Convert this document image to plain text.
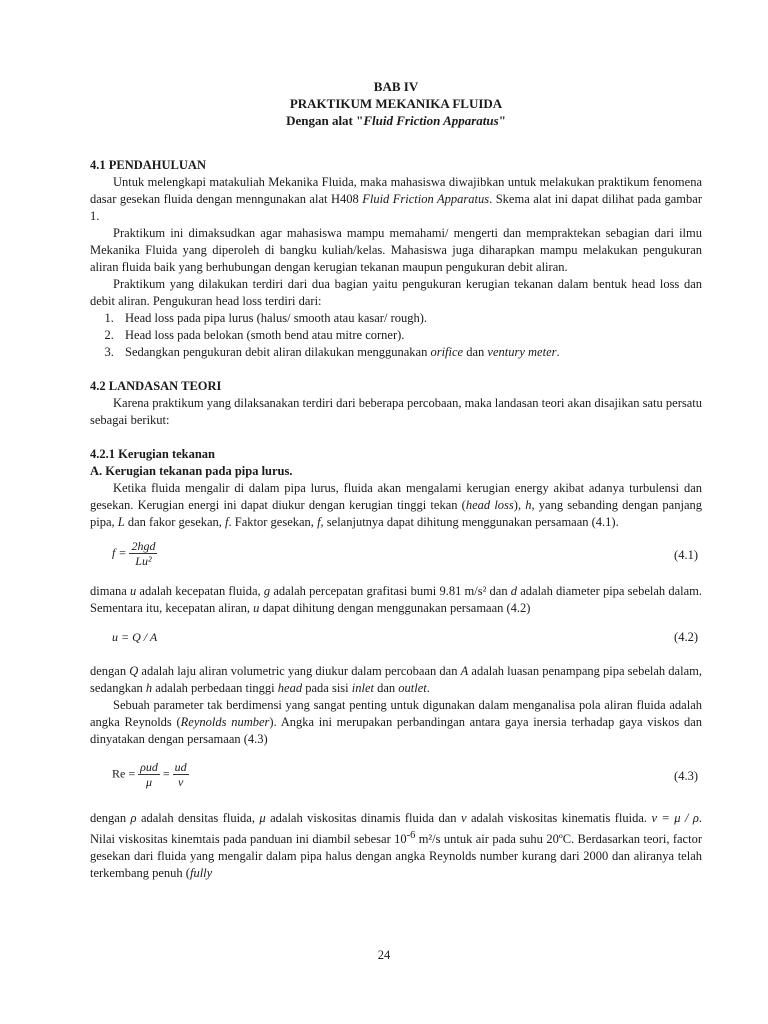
BAB IV
PRAKTIKUM MEKANIKA FLUIDA
Dengan alat "Fluid Friction Apparatus"

4.1 PENDAHULUAN

Untuk melengkapi matakuliah Mekanika Fluida, maka mahasiswa diwajibkan untuk melakukan praktikum fenomena dasar gesekan fluida dengan menngunakan alat H408 Fluid Friction Apparatus. Skema alat ini dapat dilihat pada gambar 1.

Praktikum ini dimaksudkan agar mahasiswa mampu memahami/ mengerti dan mempraktekan sebagian dari ilmu Mekanika Fluida yang diperoleh di bangku kuliah/kelas. Mahasiswa juga diharapkan mampu melakukan pengukuran aliran fluida baik yang berhubungan dengan kerugian tekanan maupun pengukuran debit aliran.

Praktikum yang dilakukan terdiri dari dua bagian yaitu pengukuran kerugian tekanan dalam bentuk head loss dan debit aliran. Pengukuran head loss terdiri dari:

1. Head loss pada pipa lurus (halus/ smooth atau kasar/ rough).
2. Head loss pada belokan (smoth bend atau mitre corner).
3. Sedangkan pengukuran debit aliran dilakukan menggunakan orifice dan ventury meter.

4.2 LANDASAN TEORI

Karena praktikum yang dilaksanakan terdiri dari beberapa percobaan, maka landasan teori akan disajikan satu persatu sebagai berikut:

4.2.1 Kerugian tekanan

A. Kerugian tekanan pada pipa lurus.

Ketika fluida mengalir di dalam pipa lurus, fluida akan mengalami kerugian energy akibat adanya turbulensi dan gesekan. Kerugian energi ini dapat diukur dengan kerugian tinggi tekan (head loss), h, yang sebanding dengan panjang pipa, L dan fakor gesekan, f. Faktor gesekan, f, selanjutnya dapat dihitung menggunakan persamaan (4.1).

$f = \frac{\text{2hgd}}{\text{Lu²}}$	(4.1)

dimana u adalah kecepatan fluida, g adalah percepatan grafitasi bumi 9.81 m/s² dan d adalah diameter pipa sebelah dalam. Sementara itu, kecepatan aliran, u dapat dihitung dengan menggunakan persamaan (4.2)

u = Q / A	(4.2)

dengan Q adalah laju aliran volumetric yang diukur dalam percobaan dan A adalah luasan penampang pipa sebelah dalam, sedangkan h adalah perbedaan tinggi head pada sisi inlet dan outlet.

Sebuah parameter tak berdimensi yang sangat penting untuk digunakan dalam menganalisa pola aliran fluida adalah angka Reynolds (Reynolds number). Angka ini merupakan perbandingan antara gaya inersia terhadap gaya viskos dan dinyatakan dengan persamaan (4.3)

$Re = \frac{\text{ρud}}{\mu} = \frac{ud}{\nu}$	(4.3)

dengan ρ adalah densitas fluida, μ adalah viskositas dinamis fluida dan ν adalah viskositas kinematis fluida. ν = μ / ρ. Nilai viskositas kinemtais pada panduan ini diambil sebesar $10^{-6}$ m²/s untuk air pada suhu 20ºC. Berdasarkan teori, factor gesekan dari fluida yang mengalir dalam pipa halus dengan angka Reynolds number kurang dari 2000 dan aliranya telah terkembang penuh (fully

24
